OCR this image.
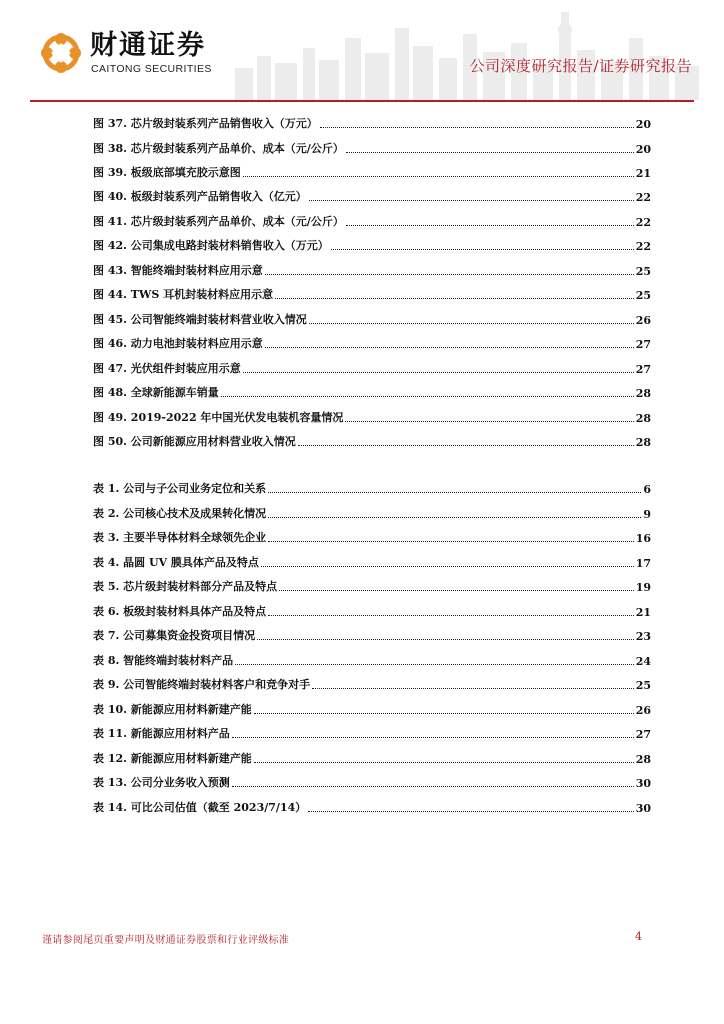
财通证券
CAITONG SECURITIES	公司深度研究报告/证券研究报告
图 37. 芯片级封装系列产品销售收入（万元）	20
图 38. 芯片级封装系列产品单价、成本（元/公斤）	20
图 39. 板级底部填充胶示意图	21
图 40. 板级封装系列产品销售收入（亿元）	22
图 41. 芯片级封装系列产品单价、成本（元/公斤）	22
图 42. 公司集成电路封装材料销售收入（万元）	22
图 43. 智能终端封装材料应用示意	25
图 44. TWS 耳机封装材料应用示意	25
图 45. 公司智能终端封装材料营业收入情况	26
图 46. 动力电池封装材料应用示意	27
图 47. 光伏组件封装应用示意	27
图 48. 全球新能源车销量	28
图 49. 2019-2022 年中国光伏发电装机容量情况	28
图 50. 公司新能源应用材料营业收入情况	28
表 1. 公司与子公司业务定位和关系	6
表 2. 公司核心技术及成果转化情况	9
表 3. 主要半导体材料全球领先企业	16
表 4. 晶圆 UV 膜具体产品及特点	17
表 5. 芯片级封装材料部分产品及特点	19
表 6. 板级封装材料具体产品及特点	21
表 7. 公司募集资金投资项目情况	23
表 8. 智能终端封装材料产品	24
表 9. 公司智能终端封装材料客户和竞争对手	25
表 10. 新能源应用材料新建产能	26
表 11. 新能源应用材料产品	27
表 12. 新能源应用材料新建产能	28
表 13. 公司分业务收入预测	30
表 14. 可比公司估值（截至 2023/7/14）	30
谨请参阅尾页重要声明及财通证券股票和行业评级标准	4
